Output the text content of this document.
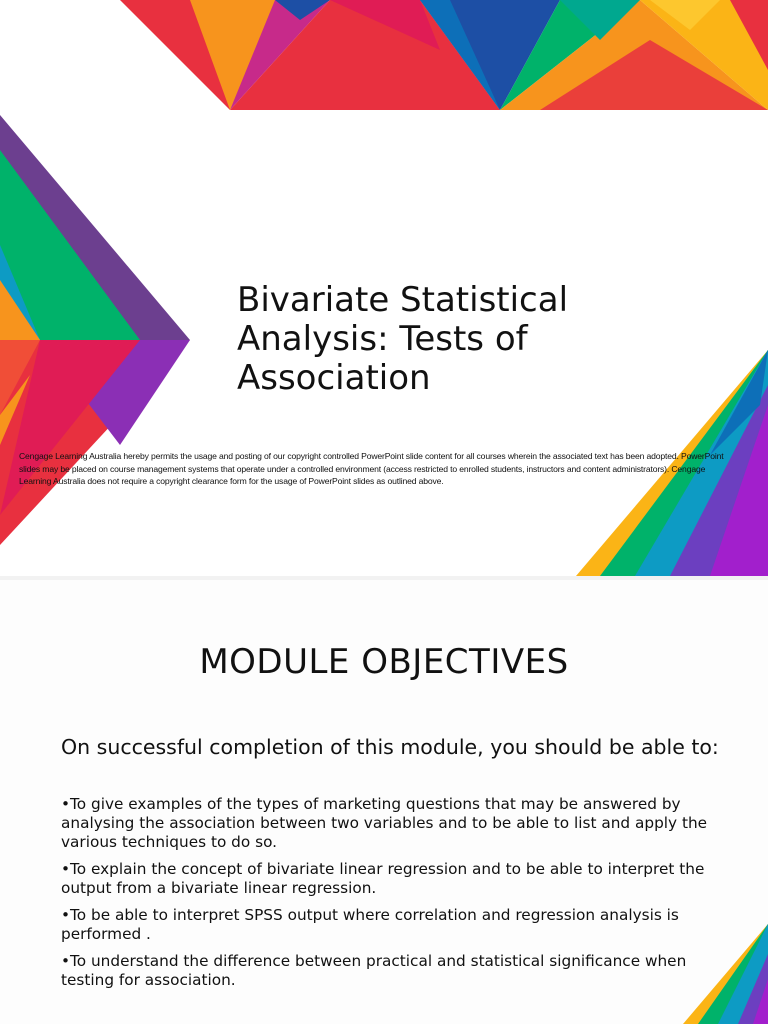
Bivariate Statistical Analysis: Tests of Association

Cengage Learning Australia hereby permits the usage and posting of our copyright controlled PowerPoint slide content for all courses wherein the associated text has been adopted. PowerPoint slides may be placed on course management systems that operate under a controlled environment (access restricted to enrolled students, instructors and content administrators). Cengage Learning Australia does not require a copyright clearance form for the usage of PowerPoint slides as outlined above.

MODULE OBJECTIVES

On successful completion of this module, you should be able to:

•To give examples of the types of marketing questions that may be answered by analysing the association between two variables and to be able to list and apply the various techniques to do so.
•To explain the concept of bivariate linear regression and to be able to interpret the output from a bivariate linear regression.
•To be able to interpret SPSS output where correlation and regression analysis is performed .
•To understand the difference between practical and statistical significance when testing for association.
